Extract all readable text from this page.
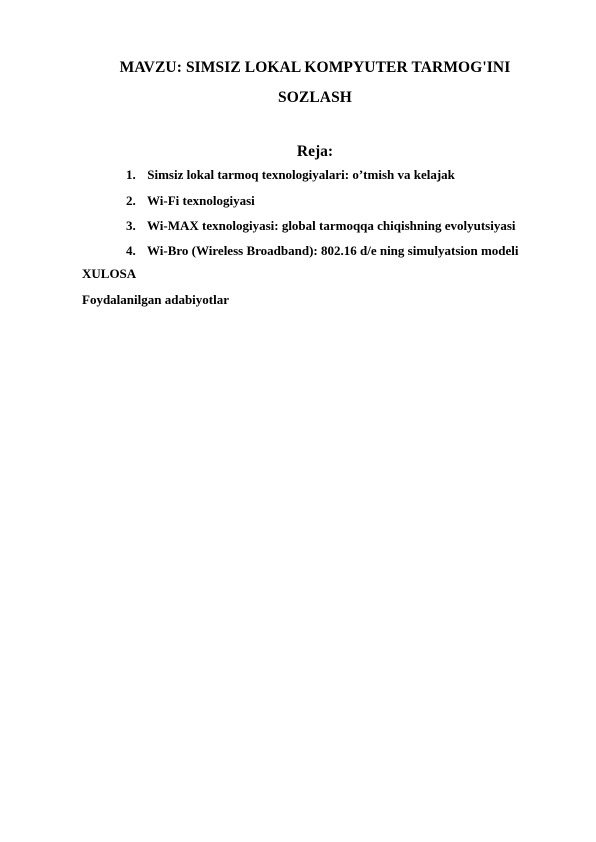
MAVZU: SIMSIZ LOKAL KOMPYUTER TARMOG'INI
SOZLASH
Reja:
1. Simsiz lokal tarmoq texnologiyalari: o’tmish va kelajak
2. Wi-Fi texnologiyasi
3. Wi-MAX texnologiyasi: global tarmoqqa chiqishning evolyutsiyasi
4. Wi-Bro (Wireless Broadband): 802.16 d/e ning simulyatsion modeli
XULOSA
Foydalanilgan adabiyotlar
